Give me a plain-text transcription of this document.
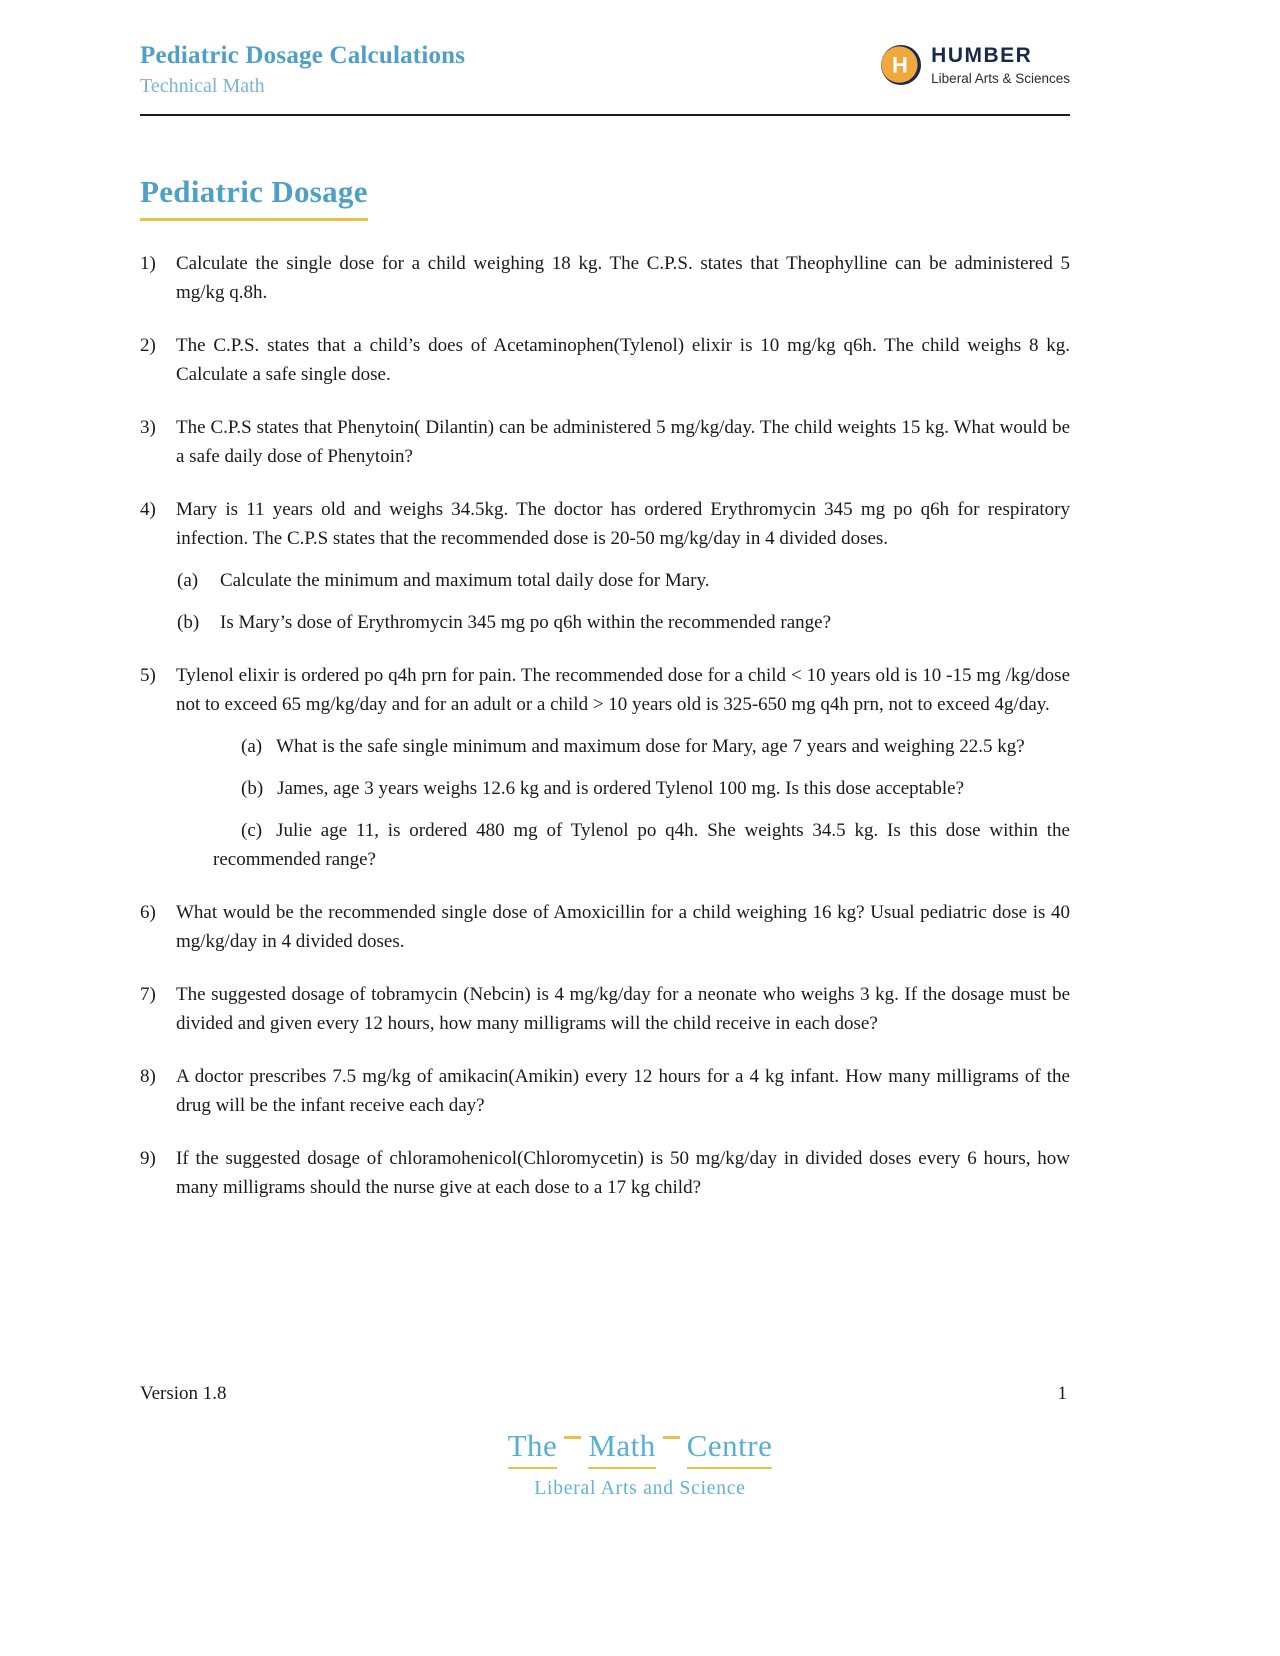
Pediatric Dosage Calculations
Technical Math
H HUMBER
Liberal Arts & Sciences
Pediatric Dosage
1)	Calculate the single dose for a child weighing 18 kg. The C.P.S. states that Theophylline can be administered 5 mg/kg q.8h.

2)	The C.P.S. states that a child’s does of Acetaminophen(Tylenol) elixir is 10 mg/kg q6h. The child weighs 8 kg. Calculate a safe single dose.

3)	The C.P.S states that Phenytoin( Dilantin) can be administered 5 mg/kg/day. The child weights 15 kg. What would be a safe daily dose of Phenytoin?

4)	Mary is 11 years old and weighs 34.5kg. The doctor has ordered Erythromycin 345 mg po q6h for respiratory infection. The C.P.S states that the recommended dose is 20-50 mg/kg/day in 4 divided doses.

(a)	Calculate the minimum and maximum total daily dose for Mary.
(b)	Is Mary’s dose of Erythromycin 345 mg po q6h within the recommended range?
5)	Tylenol elixir is ordered po q4h prn for pain. The recommended dose for a child < 10 years old is 10 -15 mg /kg/dose not to exceed 65 mg/kg/day and for an adult or a child > 10 years old is 325-650 mg q4h prn, not to exceed 4g/day.

(a) What is the safe single minimum and maximum dose for Mary, age 7 years and weighing 22.5 kg?
(b) James, age 3 years weighs 12.6 kg and is ordered Tylenol 100 mg. Is this dose acceptable?
(c) Julie age 11, is ordered 480 mg of Tylenol po q4h. She weights 34.5 kg. Is this dose within the recommended range?
6)	What would be the recommended single dose of Amoxicillin for a child weighing 16 kg? Usual pediatric dose is 40 mg/kg/day in 4 divided doses.

7)	The suggested dosage of tobramycin (Nebcin) is 4 mg/kg/day for a neonate who weighs 3 kg. If the dosage must be divided and given every 12 hours, how many milligrams will the child receive in each dose?

8)	A doctor prescribes 7.5 mg/kg of amikacin(Amikin) every 12 hours for a 4 kg infant. How many milligrams of the drug will be the infant receive each day?

9)	If the suggested dosage of chloramohenicol(Chloromycetin) is 50 mg/kg/day in divided doses every 6 hours, how many milligrams should the nurse give at each dose to a 17 kg child?

Version 1.8	1
The Math Centre
Liberal Arts and Science
